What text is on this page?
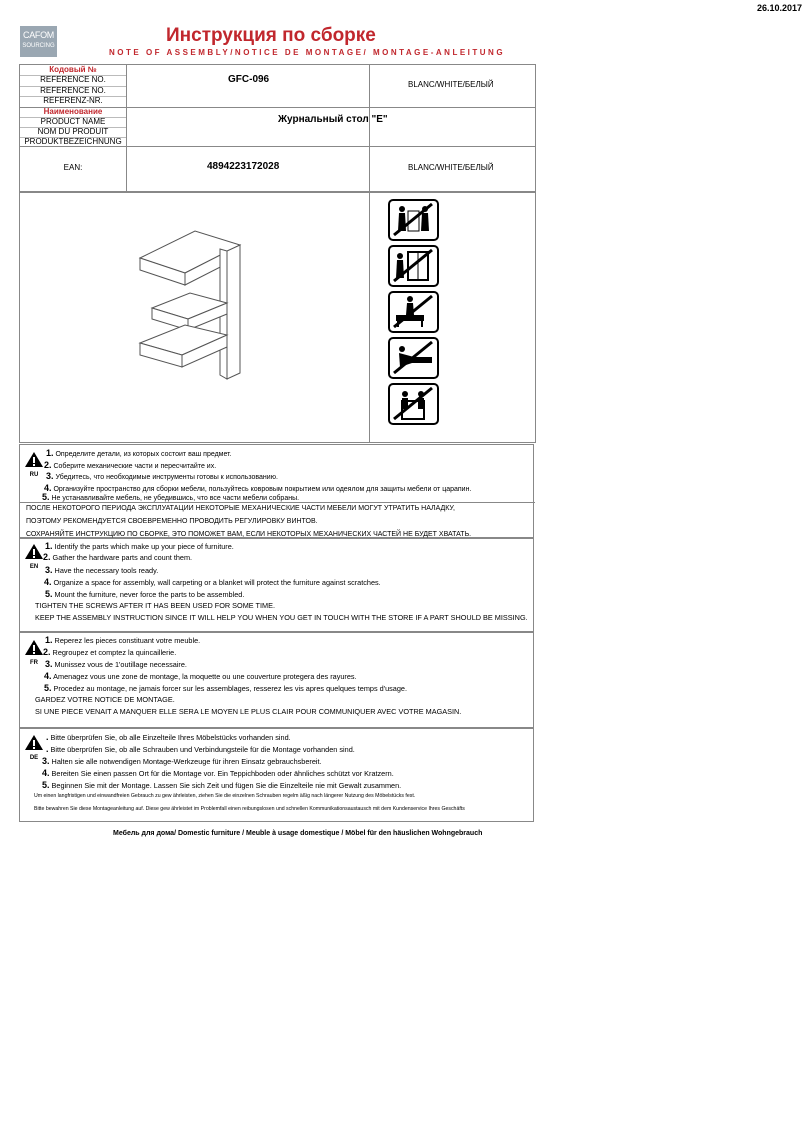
26.10.2017
CAFOM
SOURCING	Инструкция по сборке
NOTE OF ASSEMBLY/NOTICE DE MONTAGE/ MONTAGE-ANLEITUNG
Кодовый №
REFERENCE NO.
REFERENCE NO.
REFERENZ-NR.
GFC-096	BLANC/WHITE/БЕЛЫЙ
Наименование
PRODUCT NAME
NOM DU PRODUIT
PRODUKTBEZEICHNUNG
Журнальный стол "E"
EAN:	4894223172028	BLANC/WHITE/БЕЛЫЙ
RU
1. Определите детали, из которых состоит ваш предмет.
2. Соберите механические части и пересчитайте их.
3. Убедитесь, что необходимые инструменты готовы к использованию.
4. Организуйте пространство для сборки мебели, пользуйтесь ковровым покрытием или одеялом для защиты мебели от царапин.
5. Не устанавливайте мебель, не убедившись, что все части мебели собраны.
ПОСЛЕ НЕКОТОРОГО ПЕРИОДА ЭКСПЛУАТАЦИИ НЕКОТОРЫЕ МЕХАНИЧЕСКИЕ ЧАСТИ МЕБЕЛИ МОГУТ УТРАТИТЬ НАЛАДКУ,
ПОЭТОМУ РЕКОМЕНДУЕТСЯ СВОЕВРЕМЕННО ПРОВОДИТЬ РЕГУЛИРОВКУ ВИНТОВ.
СОХРАНЯЙТЕ ИНСТРУКЦИЮ ПО СБОРКЕ, ЭТО ПОМОЖЕТ ВАМ, ЕСЛИ НЕКОТОРЫХ МЕХАНИЧЕСКИХ ЧАСТЕЙ НЕ БУДЕТ ХВАТАТЬ.
EN
1. Identify the parts which make up your piece of furniture.
2. Gather the hardware parts and count them.
3. Have the necessary tools ready.
4. Organize a space for assembly, wall carpeting or a blanket will protect the furniture against scratches.
5. Mount the furniture, never force the parts to be assembled.
TIGHTEN THE SCREWS AFTER IT HAS BEEN USED FOR SOME TIME.
KEEP THE ASSEMBLY INSTRUCTION SINCE IT WILL HELP YOU WHEN YOU GET IN TOUCH WITH THE STORE IF A PART SHOULD BE MISSING.
FR
1. Reperez les pieces constituant votre meuble.
2. Regroupez et comptez la quincaillerie.
3. Munissez vous de 1'outillage necessaire.
4. Amenagez vous une zone de montage, la moquette ou une couverture protegera des rayures.
5. Procedez au montage, ne jamais forcer sur les assemblages, resserez les vis apres quelques temps d'usage.
GARDEZ VOTRE NOTICE DE MONTAGE.
SI UNE PIECE VENAIT A MANQUER ELLE SERA LE MOYEN LE PLUS CLAIR POUR COMMUNIQUER AVEC VOTRE MAGASIN.
DE
. Bitte überprüfen Sie, ob alle Einzelteile Ihres Möbelstücks vorhanden sind.
. Bitte überprüfen Sie, ob alle Schrauben und Verbindungsteile für die Montage vorhanden sind.
3. Halten sie alle notwendigen Montage-Werkzeuge für ihren Einsatz gebrauchsbereit.
4. Bereiten Sie einen passen Ort für die Montage vor. Ein Teppichboden oder ähnliches schützt vor Kratzern.
5. Beginnen Sie mit der Montage. Lassen Sie sich Zeit und fügen Sie die Einzelteile nie mit Gewalt zusammen.
Um einen langfristigen und einwandfreien Gebrauch zu gew ährleisten, ziehen Sie die einzelnen Schrauben regelm äßig nach längerer Nutzung des Möbelstücks fest.
Bitte bewahren Sie diese Montageanleitung auf. Diese gew ährleistet im Problemfall einen reibungslosen und schnellen Kommunikationsaustausch mit dem Kundenservice Ihres Geschäfts
Мебель для дома/ Domestic furniture / Meuble à usage domestique / Möbel für den häuslichen Wohngebrauch
